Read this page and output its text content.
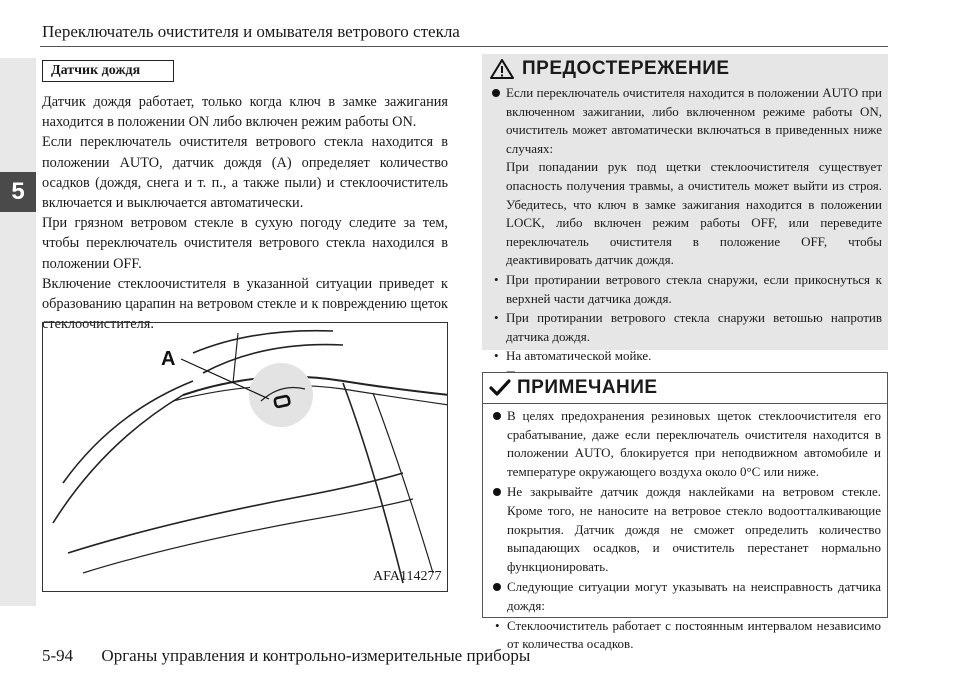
5
Переключатель очистителя и омывателя ветрового стекла
Датчик дождя

Датчик дождя работает, только когда ключ в замке зажигания находится в положении ON либо включен режим работы ON.

Если переключатель очистителя ветрового стекла находится в положении AUTO, датчик дождя (A) определяет количество осадков (дождя, снега и т. п., а также пыли) и стеклоочиститель включается и выключается автоматически.

При грязном ветровом стекле в сухую погоду следите за тем, чтобы переключатель очистителя ветрового стекла находился в положении OFF.

Включение стеклоочистителя в указанной ситуации приведет к образованию царапин на ветровом стекле и к повреждению щеток стеклоочистителя.

A
AFA114277
ПРЕДОСТЕРЕЖЕНИЕ

Если переключатель очистителя находится в положении AUTO при включенном зажигании, либо включенном режиме работы ON, очиститель может автоматически включаться в приведенных ниже случаях:
При попадании рук под щетки стеклоочистителя существует опасность получения травмы, а очиститель может выйти из строя. Убедитесь, что ключ в замке зажигания находится в положении LOCK, либо включен режим работы OFF, или переведите переключатель очистителя в положение OFF, чтобы деактивировать датчик дождя.

• При протирании ветрового стекла снаружи, если прикоснуться к верхней части датчика дождя.

• При протирании ветрового стекла снаружи ветошью напротив датчика дождя.

• На автоматической мойке.

ПРИМЕЧАНИЕ

В целях предохранения резиновых щеток стеклоочистителя его срабатывание, даже если переключатель очистителя находится в положении AUTO, блокируется при неподвижном автомобиле и температуре окружающего воздуха около 0°C или ниже.

Не закрывайте датчик дождя наклейками на ветровом стекле. Кроме того, не наносите на ветровое стекло водоотталкивающие покрытия. Датчик дождя не сможет определить количество выпадающих осадков, и очиститель перестанет нормально функционировать.

Следующие ситуации могут указывать на неисправность датчика дождя:

• Стеклоочиститель работает с постоянным интервалом независимо от количества осадков.

5-94 Органы управления и контрольно-измерительные приборы
